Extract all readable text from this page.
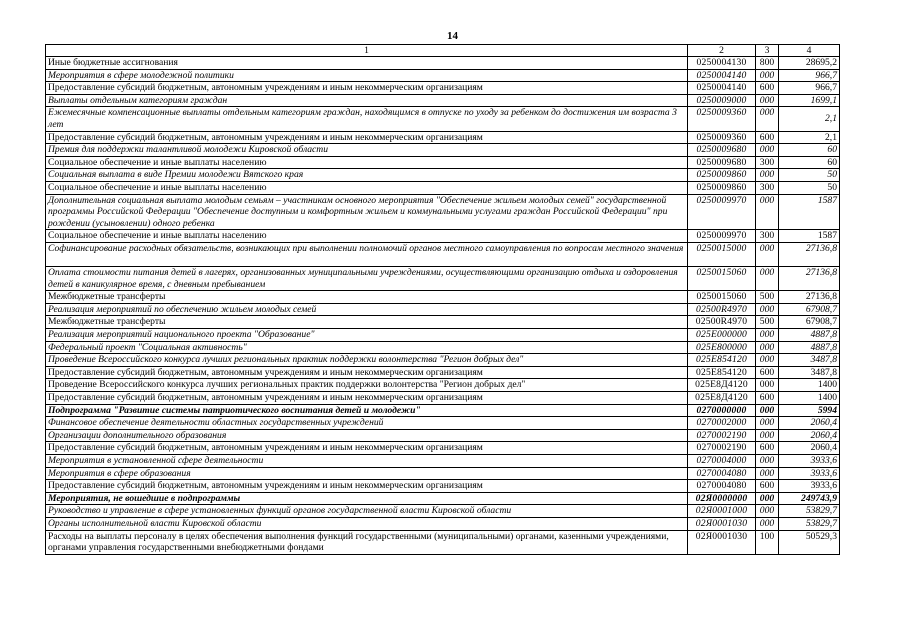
14
1	2	3	4
Иные бюджетные ассигнования	0250004130	800	28695,2
Мероприятия в сфере молодежной политики	0250004140	000	966,7
Предоставление субсидий бюджетным, автономным учреждениям и иным некоммерческим организациям	0250004140	600	966,7
Выплаты отдельным категориям граждан	0250009000	000	1699,1
Ежемесячные компенсационные выплаты отдельным категориям граждан, находящимся в отпуске по уходу за ребенком до достижения им возраста 3 лет	0250009360	000	2,1
Предоставление субсидий бюджетным, автономным учреждениям и иным некоммерческим организациям	0250009360	600	2,1
Премия для поддержки талантливой молодежи Кировской области	0250009680	000	60
Социальное обеспечение и иные выплаты населению	0250009680	300	60
Социальная выплата в виде Премии молодежи Вятского края	0250009860	000	50
Социальное обеспечение и иные выплаты населению	0250009860	300	50
Дополнительная социальная выплата молодым семьям – участникам основного мероприятия "Обеспечение жильем молодых семей" государственной программы Российской Федерации "Обеспечение доступным и комфортным жильем и коммунальными услугами граждан Российской Федерации" при рождении (усыновлении) одного ребенка	0250009970	000	1587
Социальное обеспечение и иные выплаты населению	0250009970	300	1587
Софинансирование расходных обязательств, возникающих при выполнении полномочий органов местного самоуправления по вопросам местного значения	0250015000	000	27136,8
Оплата стоимости питания детей в лагерях, организованных муниципальными учреждениями, осуществляющими организацию отдыха и оздоровления детей в каникулярное время, с дневным пребыванием	0250015060	000	27136,8
Межбюджетные трансферты	0250015060	500	27136,8
Реализация мероприятий по обеспечению жильем молодых семей	02500R4970	000	67908,7
Межбюджетные трансферты	02500R4970	500	67908,7
Реализация мероприятий национального проекта "Образование"	025E000000	000	4887,8
Федеральный проект "Социальная активность"	025E800000	000	4887,8
Проведение Всероссийского конкурса лучших региональных практик поддержки волонтерства "Регион добрых дел"	025E854120	000	3487,8
Предоставление субсидий бюджетным, автономным учреждениям и иным некоммерческим организациям	025E854120	600	3487,8
Проведение Всероссийского конкурса лучших региональных практик поддержки волонтерства "Регион добрых дел"	025E8Д4120	000	1400
Предоставление субсидий бюджетным, автономным учреждениям и иным некоммерческим организациям	025E8Д4120	600	1400
Подпрограмма "Развитие системы патриотического воспитания детей и молодежи"	0270000000	000	5994
Финансовое обеспечение деятельности областных государственных учреждений	0270002000	000	2060,4
Организации дополнительного образования	0270002190	000	2060,4
Предоставление субсидий бюджетным, автономным учреждениям и иным некоммерческим организациям	0270002190	600	2060,4
Мероприятия в установленной сфере деятельности	0270004000	000	3933,6
Мероприятия в сфере образования	0270004080	000	3933,6
Предоставление субсидий бюджетным, автономным учреждениям и иным некоммерческим организациям	0270004080	600	3933,6
Мероприятия, не вошедшие в подпрограммы	02Я0000000	000	249743,9
Руководство и управление в сфере установленных функций органов государственной власти Кировской области	02Я0001000	000	53829,7
Органы исполнительной власти Кировской области	02Я0001030	000	53829,7
Расходы на выплаты персоналу в целях обеспечения выполнения функций государственными (муниципальными) органами, казенными учреждениями, органами управления государственными внебюджетными фондами	02Я0001030	100	50529,3
